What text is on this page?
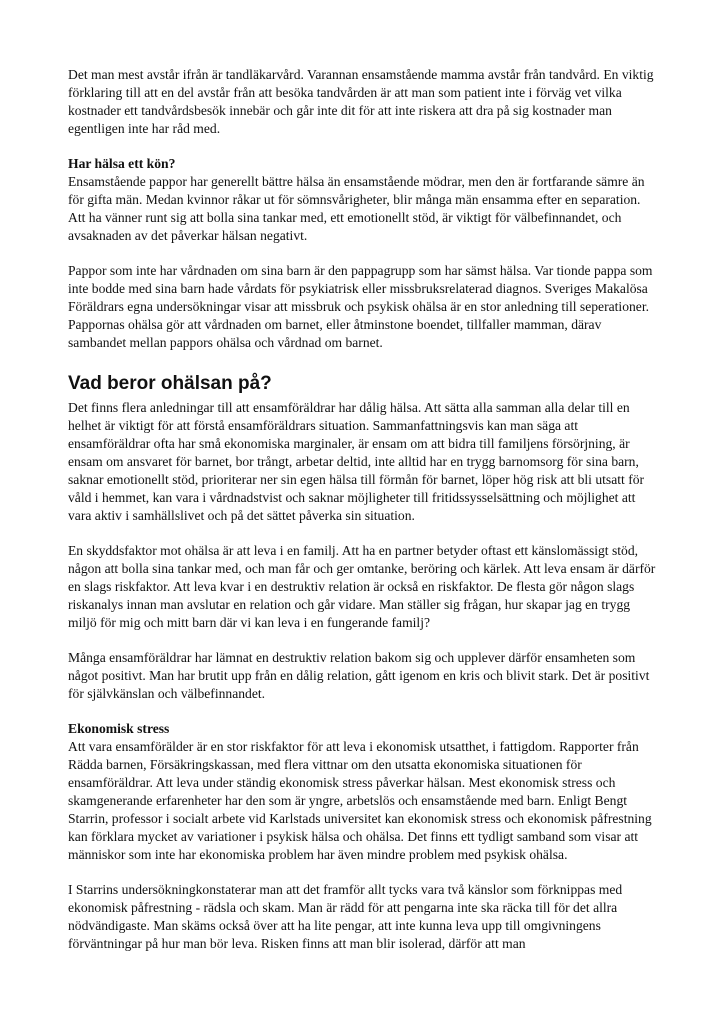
Det man mest avstår ifrån är tandläkarvård. Varannan ensamstående mamma avstår från tandvård. En viktig förklaring till att en del avstår från att besöka tandvården är att man som patient inte i förväg vet vilka kostnader ett tandvårdsbesök innebär och går inte dit för att inte riskera att dra på sig kostnader man egentligen inte har råd med.

Har hälsa ett kön?
Ensamstående pappor har generellt bättre hälsa än ensamstående mödrar, men den är fortfarande sämre än för gifta män. Medan kvinnor råkar ut för sömnsvårigheter, blir många män ensamma efter en separation. Att ha vänner runt sig att bolla sina tankar med, ett emotionellt stöd, är viktigt för välbefinnandet, och avsaknaden av det påverkar hälsan negativt.

Pappor som inte har vårdnaden om sina barn är den pappagrupp som har sämst hälsa. Var tionde pappa som inte bodde med sina barn hade vårdats för psykiatrisk eller missbruksrelaterad diagnos. Sveriges Makalösa Föräldrars egna undersökningar visar att missbruk och psykisk ohälsa är en stor anledning till seperationer. Pappornas ohälsa gör att vårdnaden om barnet, eller åtminstone boendet, tillfaller mamman, därav sambandet mellan pappors ohälsa och vårdnad om barnet.

Vad beror ohälsan på?

Det finns flera anledningar till att ensamföräldrar har dålig hälsa. Att sätta alla samman alla delar till en helhet är viktigt för att förstå ensamföräldrars situation. Sammanfattningsvis kan man säga att ensamföräldrar ofta har små ekonomiska marginaler, är ensam om att bidra till familjens försörjning, är ensam om ansvaret för barnet, bor trångt, arbetar deltid, inte alltid har en trygg barnomsorg för sina barn, saknar emotionellt stöd, prioriterar ner sin egen hälsa till förmån för barnet, löper hög risk att bli utsatt för våld i hemmet, kan vara i vårdnadstvist och saknar möjligheter till fritidssysselsättning och möjlighet att vara aktiv i samhällslivet och på det sättet påverka sin situation.

En skyddsfaktor mot ohälsa är att leva i en familj. Att ha en partner betyder oftast ett känslomässigt stöd, någon att bolla sina tankar med, och man får och ger omtanke, beröring och kärlek. Att leva ensam är därför en slags riskfaktor. Att leva kvar i en destruktiv relation är också en riskfaktor. De flesta gör någon slags riskanalys innan man avslutar en relation och går vidare. Man ställer sig frågan, hur skapar jag en trygg miljö för mig och mitt barn där vi kan leva i en fungerande familj?

Många ensamföräldrar har lämnat en destruktiv relation bakom sig och upplever därför ensamheten som något positivt. Man har brutit upp från en dålig relation, gått igenom en kris och blivit stark. Det är positivt för självkänslan och välbefinnandet.

Ekonomisk stress
Att vara ensamförälder är en stor riskfaktor för att leva i ekonomisk utsatthet, i fattigdom. Rapporter från Rädda barnen, Försäkringskassan, med flera vittnar om den utsatta ekonomiska situationen för ensamföräldrar. Att leva under ständig ekonomisk stress påverkar hälsan. Mest ekonomisk stress och skamgenerande erfarenheter har den som är yngre, arbetslös och ensamstående med barn. Enligt Bengt Starrin, professor i socialt arbete vid Karlstads universitet kan ekonomisk stress och ekonomisk påfrestning kan förklara mycket av variationer i psykisk hälsa och ohälsa. Det finns ett tydligt samband som visar att människor som inte har ekonomiska problem har även mindre problem med psykisk ohälsa.

I Starrins undersökningkonstaterar man att det framför allt tycks vara två känslor som förknippas med ekonomisk påfrestning - rädsla och skam. Man är rädd för att pengarna inte ska räcka till för det allra nödvändigaste. Man skäms också över att ha lite pengar, att inte kunna leva upp till omgivningens förväntningar på hur man bör leva. Risken finns att man blir isolerad, därför att man
